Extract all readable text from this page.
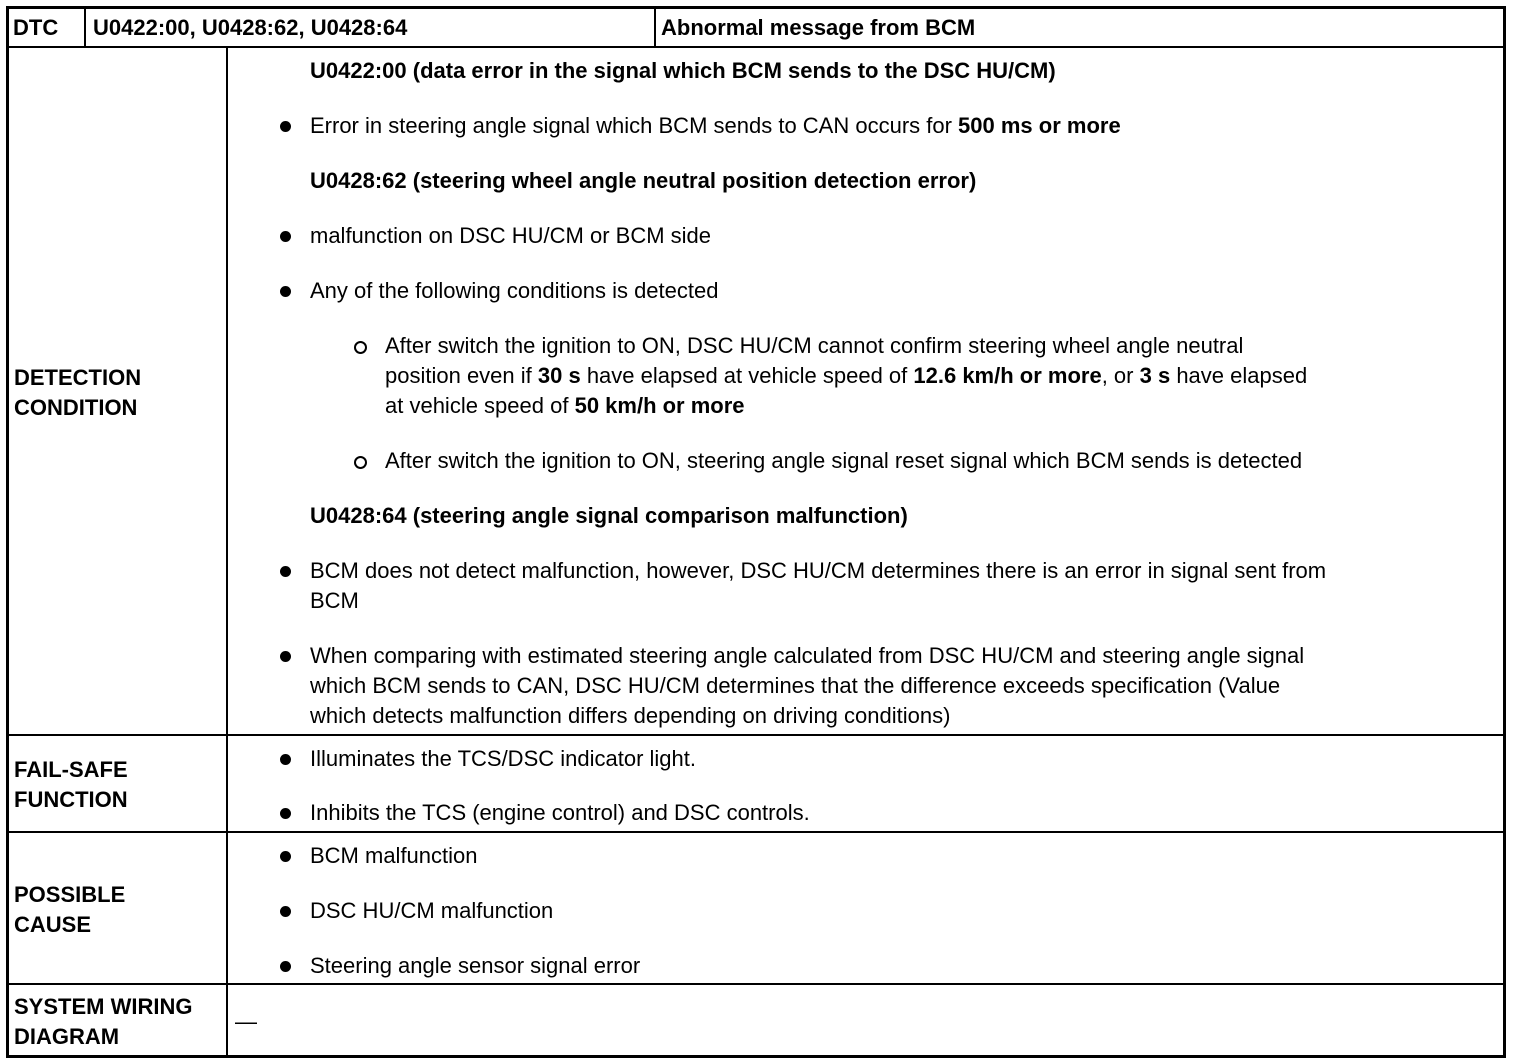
DTC U0422:00, U0428:62, U0428:64	Abnormal message from BCM
DETECTION
CONDITION
U0422:00 (data error in the signal which BCM sends to the DSC HU/CM)
Error in steering angle signal which BCM sends to CAN occurs for 500 ms or more
U0428:62 (steering wheel angle neutral position detection error)
malfunction on DSC HU/CM or BCM side
Any of the following conditions is detected
After switch the ignition to ON, DSC HU/CM cannot confirm steering wheel angle neutral
position even if 30 s have elapsed at vehicle speed of 12.6 km/h or more, or 3 s have elapsed
at vehicle speed of 50 km/h or more
After switch the ignition to ON, steering angle signal reset signal which BCM sends is detected
U0428:64 (steering angle signal comparison malfunction)
BCM does not detect malfunction, however, DSC HU/CM determines there is an error in signal sent from
BCM
When comparing with estimated steering angle calculated from DSC HU/CM and steering angle signal
which BCM sends to CAN, DSC HU/CM determines that the difference exceeds specification (Value
which detects malfunction differs depending on driving conditions)
FAIL-SAFE
FUNCTION
Illuminates the TCS/DSC indicator light.
Inhibits the TCS (engine control) and DSC controls.
POSSIBLE
CAUSE
BCM malfunction
DSC HU/CM malfunction
Steering angle sensor signal error
SYSTEM WIRING
DIAGRAM
—
